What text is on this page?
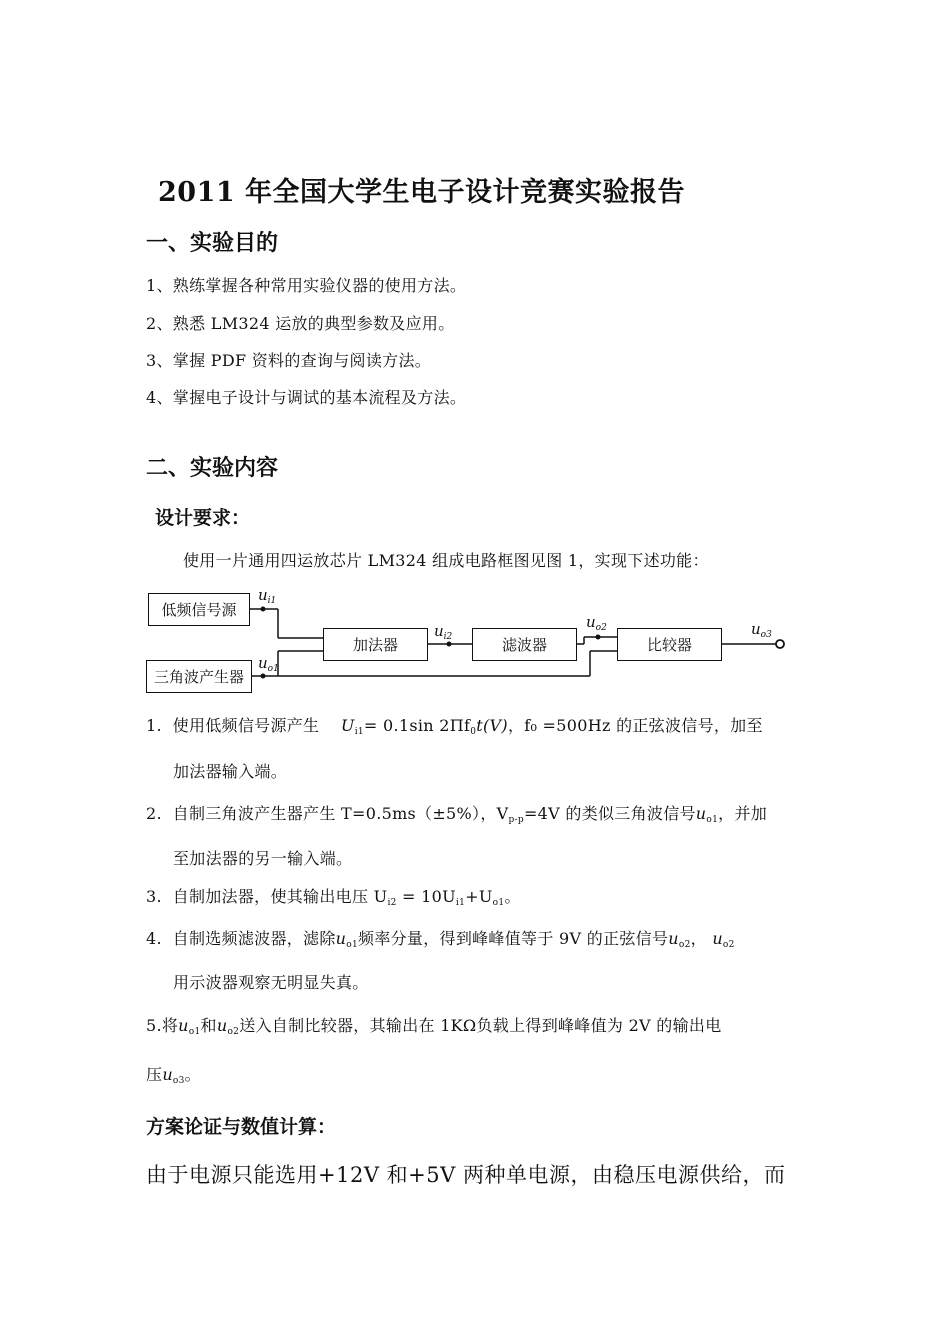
2011 年全国大学生电子设计竞赛实验报告
一、实验目的
1、熟练掌握各种常用实验仪器的使用方法。
2、熟悉 LM324 运放的典型参数及应用。
3、掌握 PDF 资料的查询与阅读方法。
4、掌握电子设计与调试的基本流程及方法。
二、实验内容
设计要求：
使用一片通用四运放芯片 LM324 组成电路框图见图 1，实现下述功能：
低频信号源
三角波产生器
加法器	滤波器	比较器
$u_{i1}$
$u_{o1}$
$u_{i2}$
$u_{o2}$	$u_{o3}$
1. 使用低频信号源产生 $U_{i1}= 0.1\sin$ $2\Pi f_0t(V)$，f₀ =500Hz 的正弦波信号，加至
加法器输入端。
2. 自制三角波产生器产生 T=0.5ms（±5%），$V_{p-p}=4V$ 的类似三角波信号$u_{o1}$，并加
至加法器的另一输入端。
3. 自制加法器，使其输出电压 $U_{i2} = 10U_{i1}+U_{o1}$。
4. 自制选频滤波器，滤除$u_{o1}$频率分量，得到峰峰值等于 9V 的正弦信号$u_{o2}$， $u_{o2}$
用示波器观察无明显失真。
5.将$u_{o1}$和$u_{o2}$送入自制比较器，其输出在 1KΩ负载上得到峰峰值为 2V 的输出电
压$u_{o3}$。
方案论证与数值计算：
由于电源只能选用+12V 和+5V 两种单电源，由稳压电源供给，而
